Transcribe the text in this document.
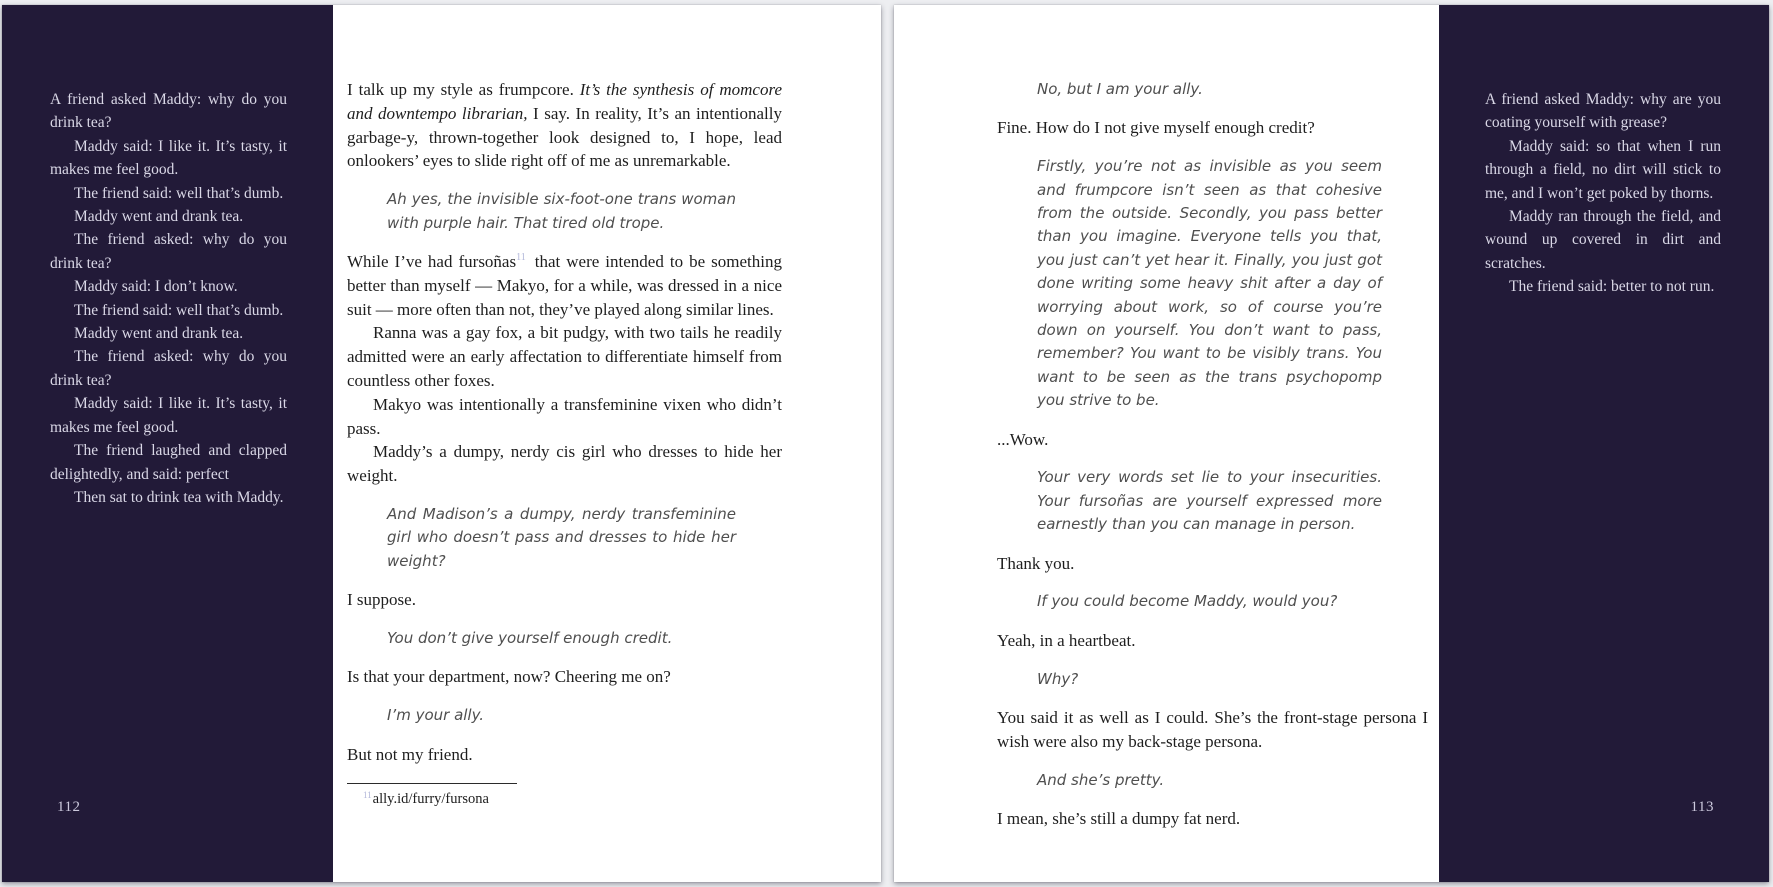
A friend asked Maddy: why do you drink tea?

Maddy said: I like it. It’s tasty, it makes me feel good.

The friend said: well that’s dumb.

Maddy went and drank tea.

The friend asked: why do you drink tea?

Maddy said: I don’t know.

The friend said: well that’s dumb.

Maddy went and drank tea.

The friend asked: why do you drink tea?

Maddy said: I like it. It’s tasty, it makes me feel good.

The friend laughed and clapped delightedly, and said: perfect

Then sat to drink tea with Maddy.

112

I talk up my style as frumpcore. It’s the synthesis of momcore and downtempo librarian, I say. In reality, It’s an intentionally garbage-y, thrown-together look designed to, I hope, lead onlookers’ eyes to slide right off of me as unremarkable.

Ah yes, the invisible six-foot-one trans woman with purple hair. That tired old trope.

While I’ve had fursoñas$^{11}$ that were intended to be something better than myself — Makyo, for a while, was dressed in a nice suit — more often than not, they’ve played along similar lines.

Ranna was a gay fox, a bit pudgy, with two tails he readily admitted were an early affectation to differentiate himself from countless other foxes.

Makyo was intentionally a transfeminine vixen who didn’t pass.

Maddy’s a dumpy, nerdy cis girl who dresses to hide her weight.

And Madison’s a dumpy, nerdy transfeminine girl who doesn’t pass and dresses to hide her weight?

I suppose.

You don’t give yourself enough credit.

Is that your department, now? Cheering me on?

I’m your ally.

But not my friend.

$^{11}$ally.id/furry/fursona

No, but I am your ally.

Fine. How do I not give myself enough credit?

Firstly, you’re not as invisible as you seem and frumpcore isn’t seen as that cohesive from the outside. Secondly, you pass better than you imagine. Everyone tells you that, you just can’t yet hear it. Finally, you just got done writing some heavy shit after a day of worrying about work, so of course you’re down on yourself. You don’t want to pass, remember? You want to be visibly trans. You want to be seen as the trans psychopomp you strive to be.

...Wow.

Your very words set lie to your insecurities. Your fursoñas are yourself expressed more earnestly than you can manage in person.

Thank you.

If you could become Maddy, would you?

Yeah, in a heartbeat.

Why?

You said it as well as I could. She’s the front-stage persona I wish were also my back-stage persona.

And she’s pretty.

I mean, she’s still a dumpy fat nerd.

A friend asked Maddy: why are you coating yourself with grease?

Maddy said: so that when I run through a field, no dirt will stick to me, and I won’t get poked by thorns.

Maddy ran through the field, and wound up covered in dirt and scratches.

The friend said: better to not run.

113
